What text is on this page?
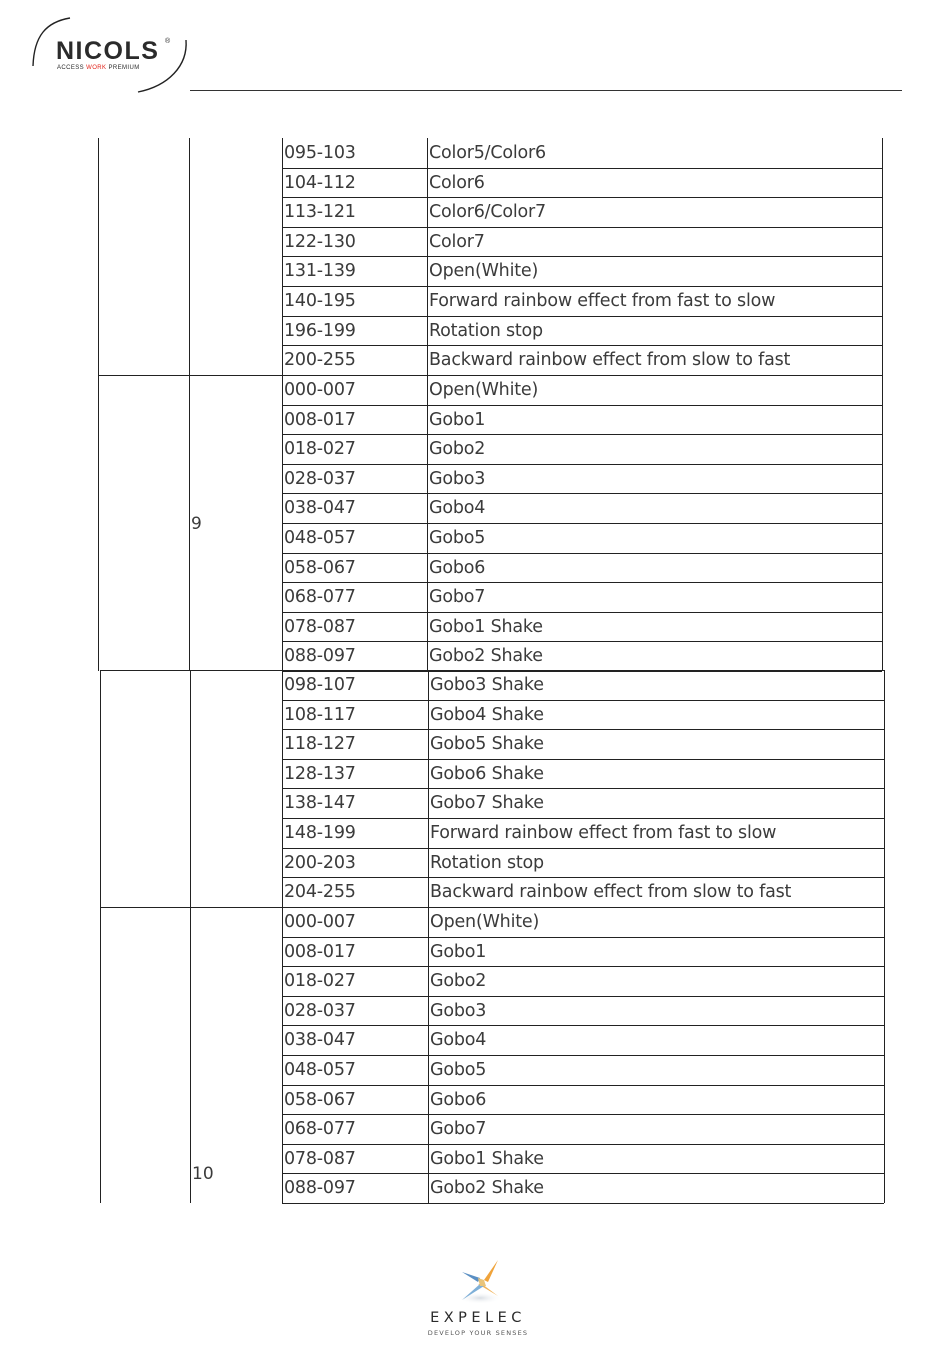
NICOLS ®
ACCESS WORK PREMIUM
095-103	Color5/Color6
104-112	Color6
113-121	Color6/Color7
122-130	Color7
131-139	Open(White)
140-195	Forward rainbow effect from fast to slow
196-199	Rotation stop
200-255	Backward rainbow effect from slow to fast
000-007	Open(White)
008-017	Gobo1
018-027	Gobo2
028-037	Gobo3
038-047	Gobo4
048-057	Gobo5
058-067	Gobo6
068-077	Gobo7
078-087	Gobo1 Shake
088-097	Gobo2 Shake
9
098-107	Gobo3 Shake
108-117	Gobo4 Shake
118-127	Gobo5 Shake
128-137	Gobo6 Shake
138-147	Gobo7 Shake
148-199	Forward rainbow effect from fast to slow
200-203	Rotation stop
204-255	Backward rainbow effect from slow to fast
000-007	Open(White)
008-017	Gobo1
018-027	Gobo2
028-037	Gobo3
038-047	Gobo4
048-057	Gobo5
058-067	Gobo6
068-077	Gobo7
078-087	Gobo1 Shake
088-097	Gobo2 Shake
10
EXPELEC
DEVELOP YOUR SENSES
